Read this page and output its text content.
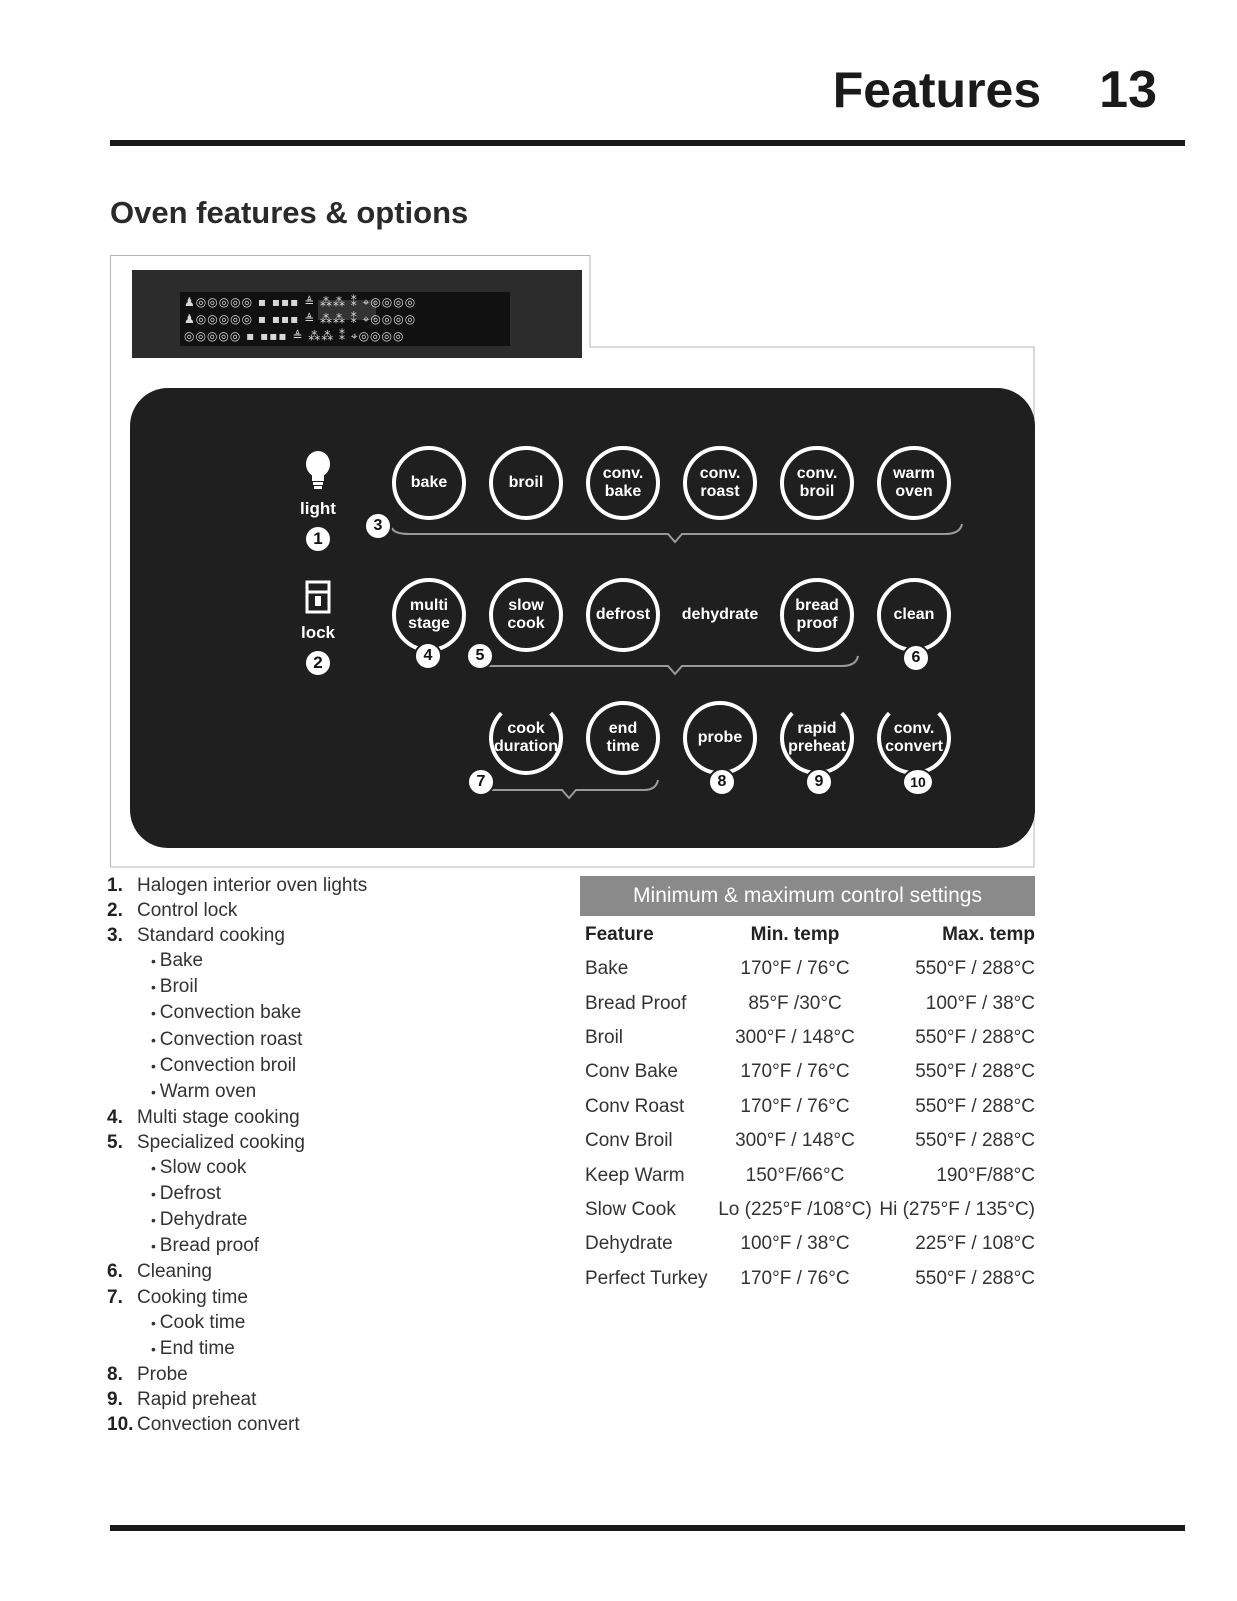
Features 13
Oven features & options
♟◎◎◎◎◎ ▪ ▪▪▪ ≜ ⁂⁂ ⁑ ⌖◎◎◎◎
♟◎◎◎◎◎ ▪ ▪▪▪ ≜ ⁂⁂ ⁑ ⌖◎◎◎◎
◎◎◎◎◎ ▪ ▪▪▪ ≜ ⁂⁂ ⁑ ⌖◎◎◎◎
light
1
lock
2
bake	broil
conv.
bake
conv.
roast
conv.
broil
warm
oven
multi
stage
slow
cook
defrost	dehydrate
bread
proof
clean
cook
duration
end
time
probe
rapid
preheat
conv.
convert
3
4	5	6
7	8	9	10
1. Halogen interior oven lights
2. Control lock
3. Standard cooking
• Bake
• Broil
• Convection bake
• Convection roast
• Convection broil
• Warm oven
4. Multi stage cooking
5. Specialized cooking
• Slow cook
• Defrost
• Dehydrate
• Bread proof
6. Cleaning
7. Cooking time
• Cook time
• End time
8. Probe
9. Rapid preheat
10. Convection convert
Minimum & maximum control settings
Feature	Min. temp	Max. temp
Bake	170°F / 76°C	550°F / 288°C
Bread Proof	85°F /30°C	100°F / 38°C
Broil	300°F / 148°C	550°F / 288°C
Conv Bake	170°F / 76°C	550°F / 288°C
Conv Roast	170°F / 76°C	550°F / 288°C
Conv Broil	300°F / 148°C	550°F / 288°C
Keep Warm	150°F/66°C	190°F/88°C
Slow Cook	Lo (225°F /108°C)	Hi (275°F / 135°C)
Dehydrate	100°F / 38°C	225°F / 108°C
Perfect Turkey	170°F / 76°C	550°F / 288°C
